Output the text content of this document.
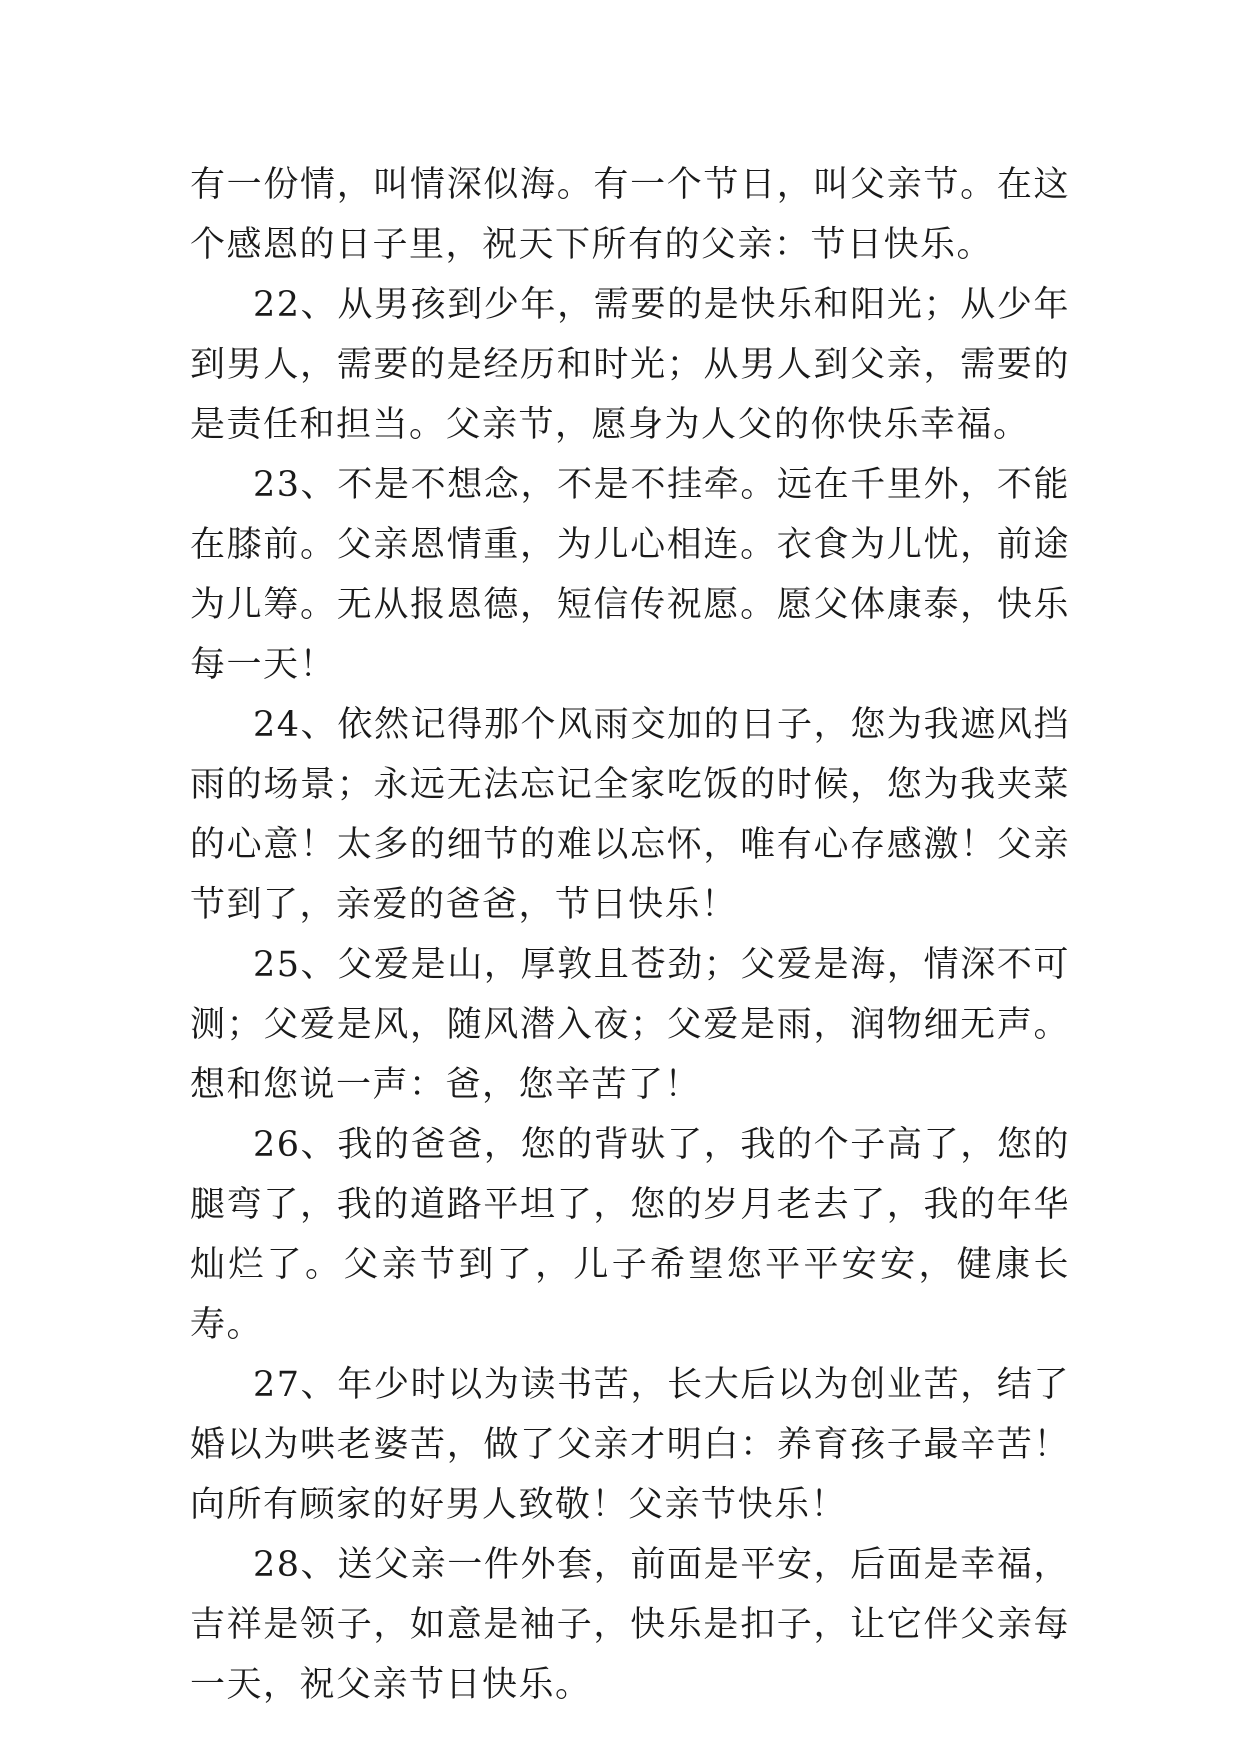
有一份情，叫情深似海。有一个节日，叫父亲节。在这个感恩的日子里，祝天下所有的父亲：节日快乐。

22、从男孩到少年，需要的是快乐和阳光；从少年到男人，需要的是经历和时光；从男人到父亲，需要的是责任和担当。父亲节，愿身为人父的你快乐幸福。

23、不是不想念，不是不挂牵。远在千里外，不能在膝前。父亲恩情重，为儿心相连。衣食为儿忧，前途为儿筹。无从报恩德，短信传祝愿。愿父体康泰，快乐每一天！

24、依然记得那个风雨交加的日子，您为我遮风挡雨的场景；永远无法忘记全家吃饭的时候，您为我夹菜的心意！太多的细节的难以忘怀，唯有心存感激！父亲节到了，亲爱的爸爸，节日快乐！

25、父爱是山，厚敦且苍劲；父爱是海，情深不可测；父爱是风，随风潜入夜；父爱是雨，润物细无声。想和您说一声：爸，您辛苦了！

26、我的爸爸，您的背驮了，我的个子高了，您的腿弯了，我的道路平坦了，您的岁月老去了，我的年华灿烂了。父亲节到了，儿子希望您平平安安，健康长寿。

27、年少时以为读书苦，长大后以为创业苦，结了婚以为哄老婆苦，做了父亲才明白：养育孩子最辛苦！向所有顾家的好男人致敬！父亲节快乐！

28、送父亲一件外套，前面是平安，后面是幸福，吉祥是领子，如意是袖子，快乐是扣子，让它伴父亲每一天，祝父亲节日快乐。
